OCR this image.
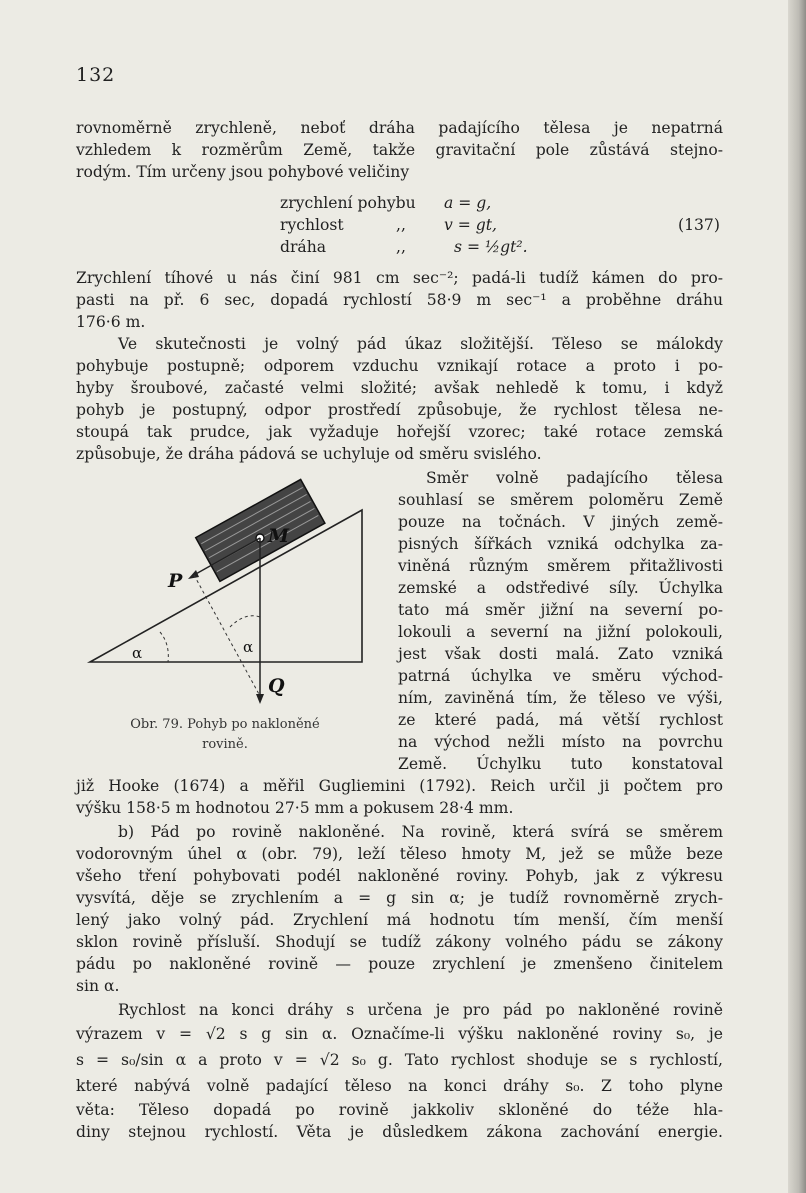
132
rovnoměrně zrychleně, neboť dráha padajícího tělesa je nepatrná
vzhledem k rozměrům Země, takže gravitační pole zůstává stejno-
rodým. Tím určeny jsou pohybové veličiny
zrychlení pohybu a = g,
rychlost	,, v = gt,	(137)
dráha	,,	s = ½gt².
Zrychlení tíhové u nás činí 981 cm sec⁻²; padá-li tudíž kámen do pro-
pasti na př. 6 sec, dopadá rychlostí 58·9 m sec⁻¹ a proběhne dráhu
176·6 m.
Ve skutečnosti je volný pád úkaz složitější. Těleso se málokdy
pohybuje postupně; odporem vzduchu vznikají rotace a proto i po-
hyby šroubové, začasté velmi složité; avšak nehledě k tomu, i když
pohyb je postupný, odpor prostředí způsobuje, že rychlost tělesa ne-
stoupá tak prudce, jak vyžaduje hořejší vzorec; také rotace zemská
způsobuje, že dráha pádová se uchyluje od směru svislého.
Směr volně padajícího tělesa
souhlasí se směrem poloměru Země
pouze na točnách. V jiných země-
pisných šířkách vzniká odchylka za-
viněná různým směrem přitažlivosti
zemské a odstředivé síly. Úchylka
tato má směr jižní na severní po-
lokouli a severní na jižní polokouli,
jest však dosti malá. Zato vzniká
patrná úchylka ve směru východ-
ním, zaviněná tím, že těleso ve výši,
ze které padá, má větší rychlost
na východ nežli místo na povrchu
Země. Úchylku tuto konstatoval
M
P
Q
α	α
Obr. 79. Pohyb po nakloněné
rovině.
již Hooke (1674) a měřil Gugliemini (1792). Reich určil ji počtem pro
výšku 158·5 m hodnotou 27·5 mm a pokusem 28·4 mm.
b) Pád po rovině nakloněné. Na rovině, která svírá se směrem
vodorovným úhel α (obr. 79), leží těleso hmoty M, jež se může beze
všeho tření pohybovati podél nakloněné roviny. Pohyb, jak z výkresu
vysvítá, děje se zrychlením a = g sin α; je tudíž rovnoměrně zrych-
lený jako volný pád. Zrychlení má hodnotu tím menší, čím menší
sklon rovině přísluší. Shodují se tudíž zákony volného pádu se zákony
pádu po nakloněné rovině — pouze zrychlení je zmenšeno činitelem
sin α.
Rychlost na konci dráhy s určena je pro pád po nakloněné rovině
výrazem v = √2 s g sin α. Označíme-li výšku nakloněné roviny s₀, je
s = s₀/sin α a proto v = √2 s₀ g. Tato rychlost shoduje se s rychlostí,
které nabývá volně padající těleso na konci dráhy s₀. Z toho plyne
věta: Těleso dopadá po rovině jakkoliv skloněné do téže hla-
diny stejnou rychlostí. Věta je důsledkem zákona zachování energie.
